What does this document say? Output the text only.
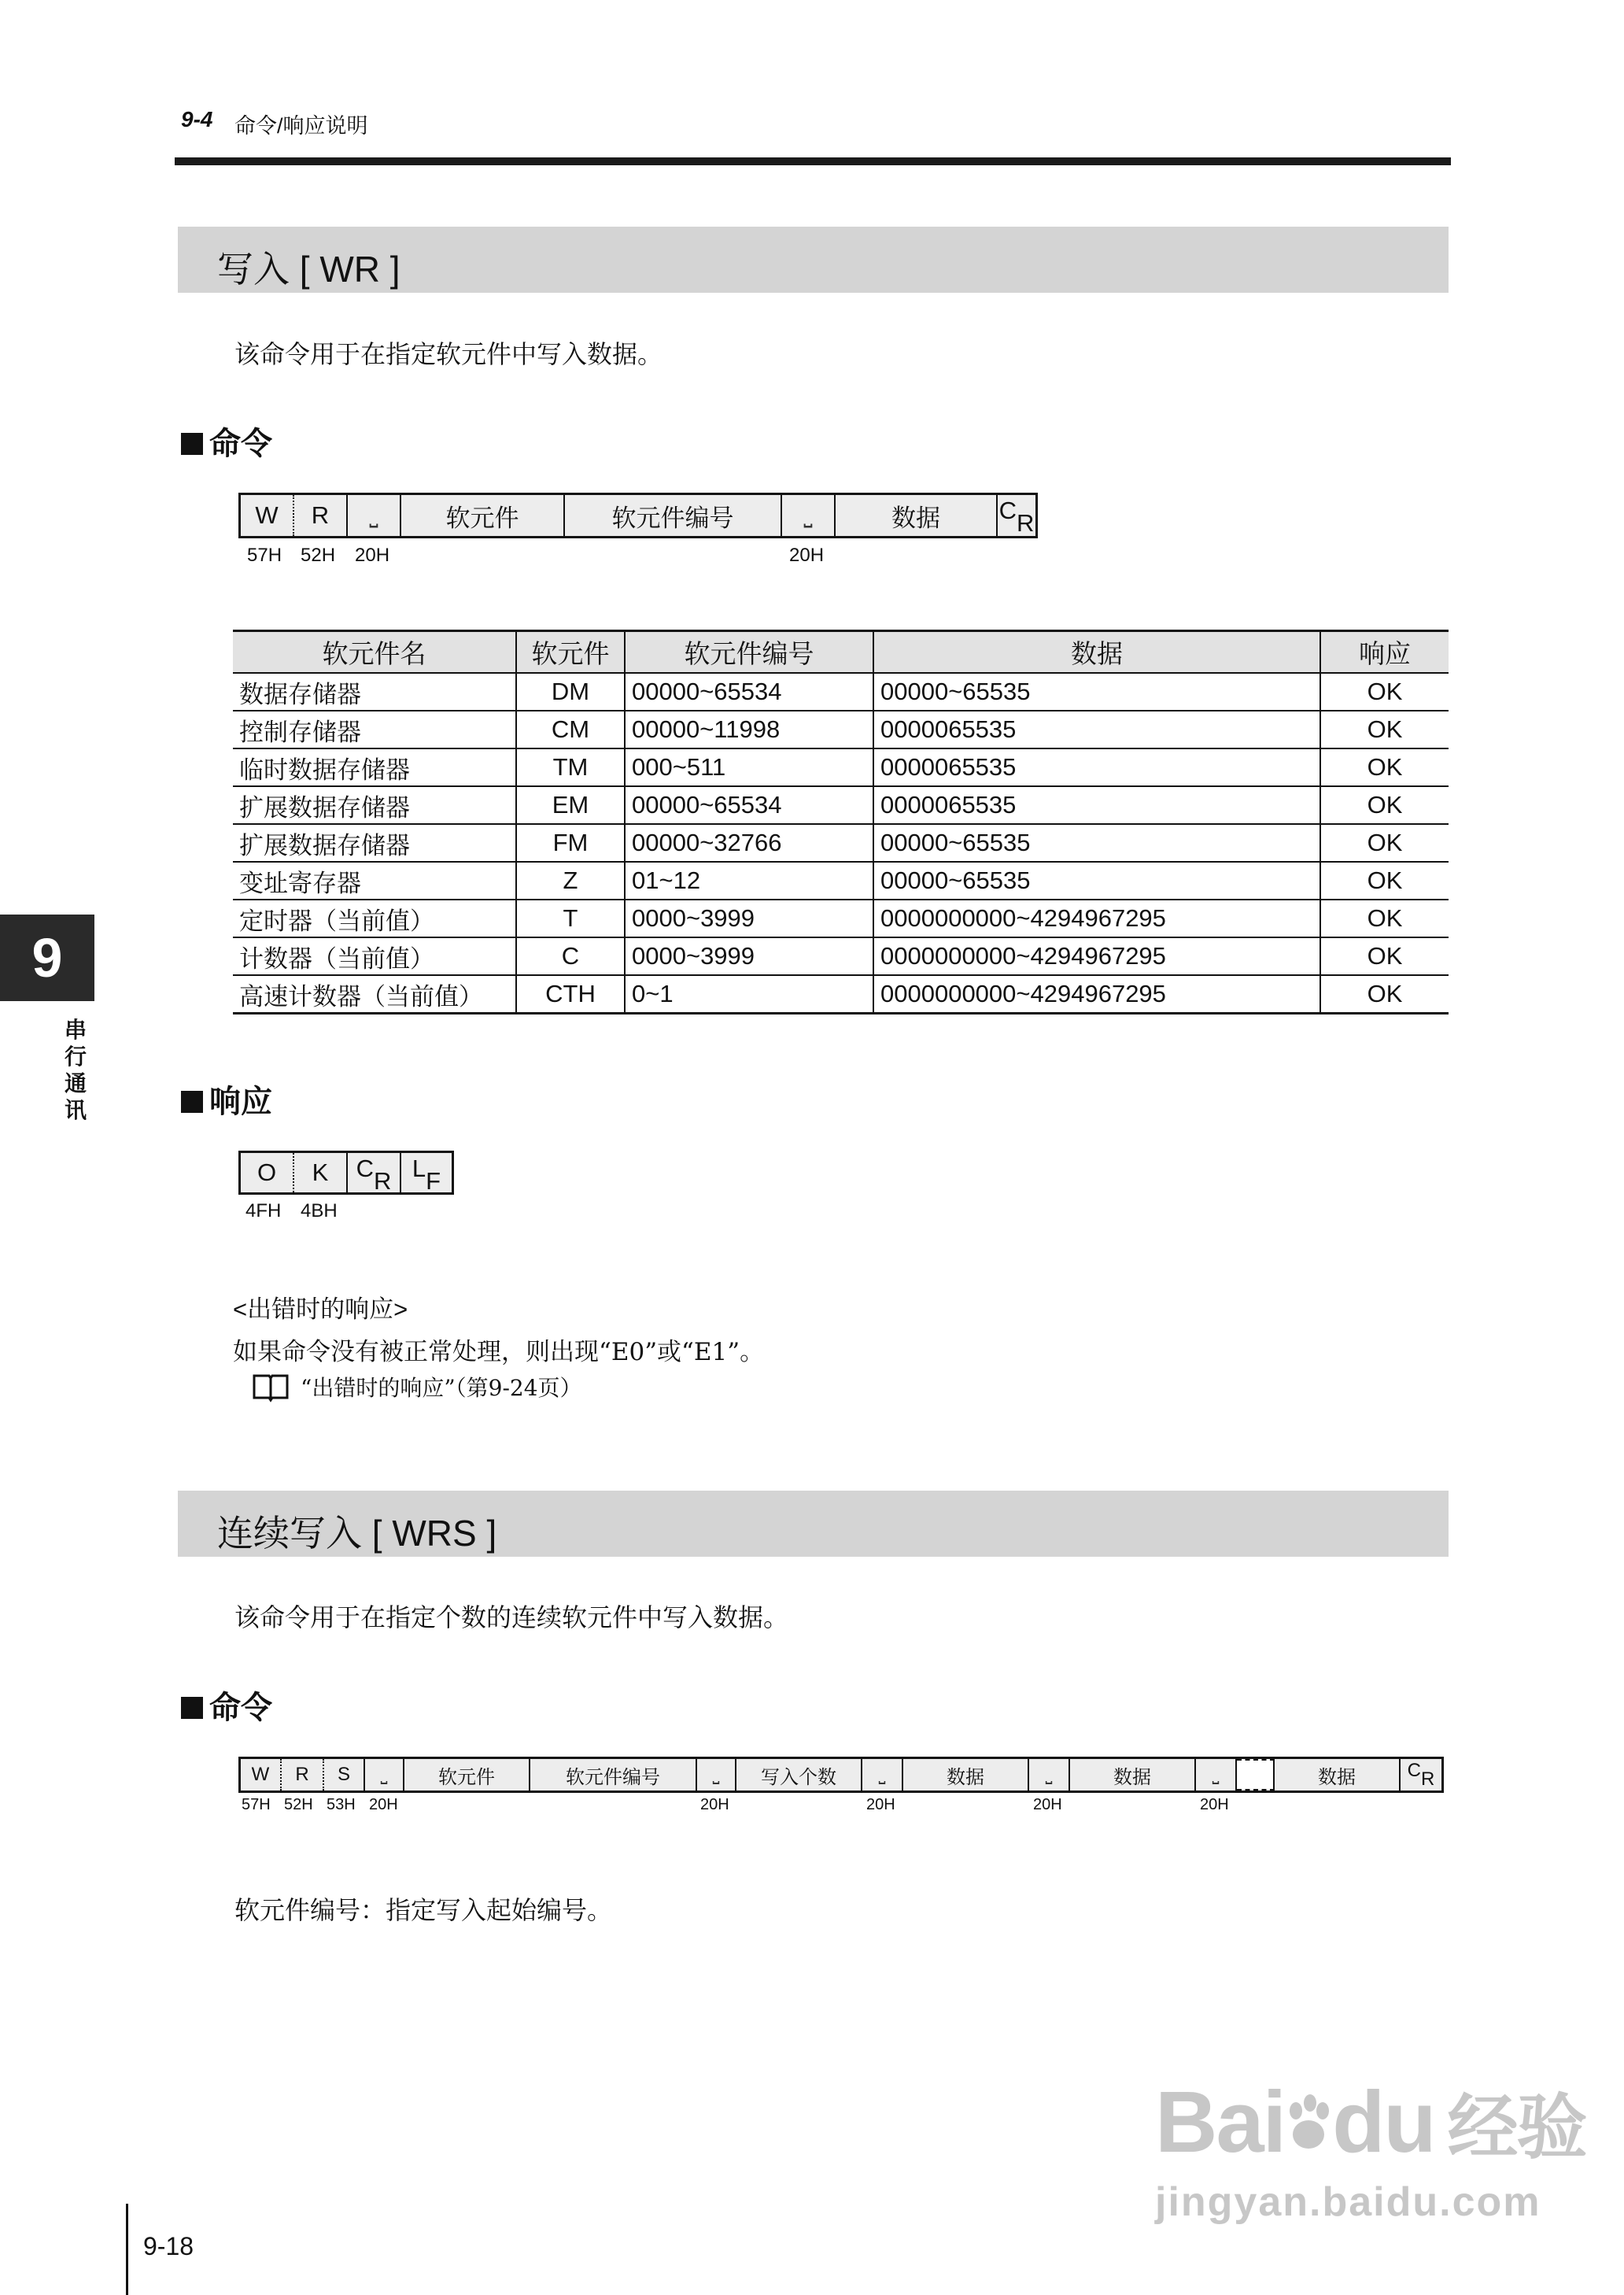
9-4 命令/响应说明
9
串
行
通
讯
写入 [ WR ]
该命令用于在指定软元件中写入数据。
命令
W	R	⎵	软元件	软元件编号	⎵	数据	C R
57H 52H 20H	20H
软元件名	软元件	软元件编号	数据	响应
数据存储器	DM	00000~65534	00000~65535	OK
控制存储器	CM	00000~11998	0000065535	OK
临时数据存储器	TM	000~511	0000065535	OK
扩展数据存储器	EM	00000~65534	0000065535	OK
扩展数据存储器	FM	00000~32766	00000~65535	OK
变址寄存器	Z	01~12	00000~65535	OK
定时器（当前值）	T	0000~3999	0000000000~4294967295	OK
计数器（当前值）	C	0000~3999	0000000000~4294967295	OK
高速计数器（当前值）	CTH	0~1	0000000000~4294967295	OK
响应
O	K	C R L F
4FH 4BH
<出错时的响应>
如果命令没有被正常处理，则出现“E0”或“E1”。
“出错时的响应”（第9-24页）
连续写入 [ WRS ]
该命令用于在指定个数的连续软元件中写入数据。
命令
W	R	S	⎵	软元件	软元件编号	⎵	写入个数	⎵	数据	⎵	数据	⎵	数据	C R
57H 52H 53H 20H	20H	20H	20H	20H
软元件编号：指定写入起始编号。
Bai du 经验
jingyan.baidu.com
9-18
